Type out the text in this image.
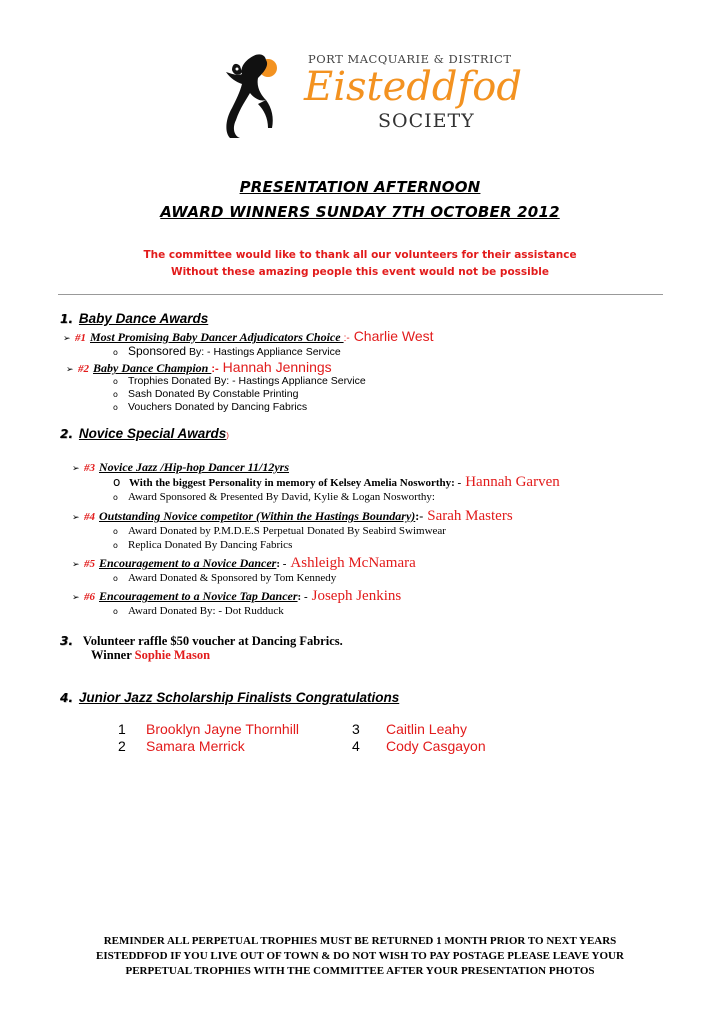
PORT MACQUARIE & DISTRICT
Eisteddfod
SOCIETY
PRESENTATION AFTERNOON
AWARD WINNERS SUNDAY 7TH OCTOBER 2012
The committee would like to thank all our volunteers for their assistance
Without these amazing people this event would not be possible
1. Baby Dance Awards
➢ #1 Most Promising Baby Dancer Adjudicators Choice :- Charlie West
o Sponsored By: - Hastings Appliance Service
➢ #2 Baby Dance Champion :- Hannah Jennings
o Trophies Donated By: - Hastings Appliance Service
o Sash Donated By Constable Printing
o Vouchers Donated by Dancing Fabrics
2. Novice Special Awards)
➢ #3 Novice Jazz /Hip-hop Dancer 11/12yrs
o With the biggest Personality in memory of Kelsey Amelia Nosworthy: - Hannah Garven
o Award Sponsored & Presented By David, Kylie & Logan Nosworthy:
➢ #4 Outstanding Novice competitor (Within the Hastings Boundary):- Sarah Masters
o Award Donated by P.M.D.E.S Perpetual Donated By Seabird Swimwear
o Replica Donated By Dancing Fabrics
➢ #5 Encouragement to a Novice Dancer: - Ashleigh McNamara
o Award Donated & Sponsored by Tom Kennedy
➢ #6 Encouragement to a Novice Tap Dancer: - Joseph Jenkins
o Award Donated By: - Dot Rudduck
3. Volunteer raffle $50 voucher at Dancing Fabrics.
Winner Sophie Mason
4. Junior Jazz Scholarship Finalists Congratulations
1 Brooklyn Jayne Thornhill
2 Samara Merrick
3 Caitlin Leahy
4 Cody Casgayon
REMINDER ALL PERPETUAL TROPHIES MUST BE RETURNED 1 MONTH PRIOR TO NEXT YEARS
EISTEDDFOD IF YOU LIVE OUT OF TOWN & DO NOT WISH TO PAY POSTAGE PLEASE LEAVE YOUR
PERPETUAL TROPHIES WITH THE COMMITTEE AFTER YOUR PRESENTATION PHOTOS
